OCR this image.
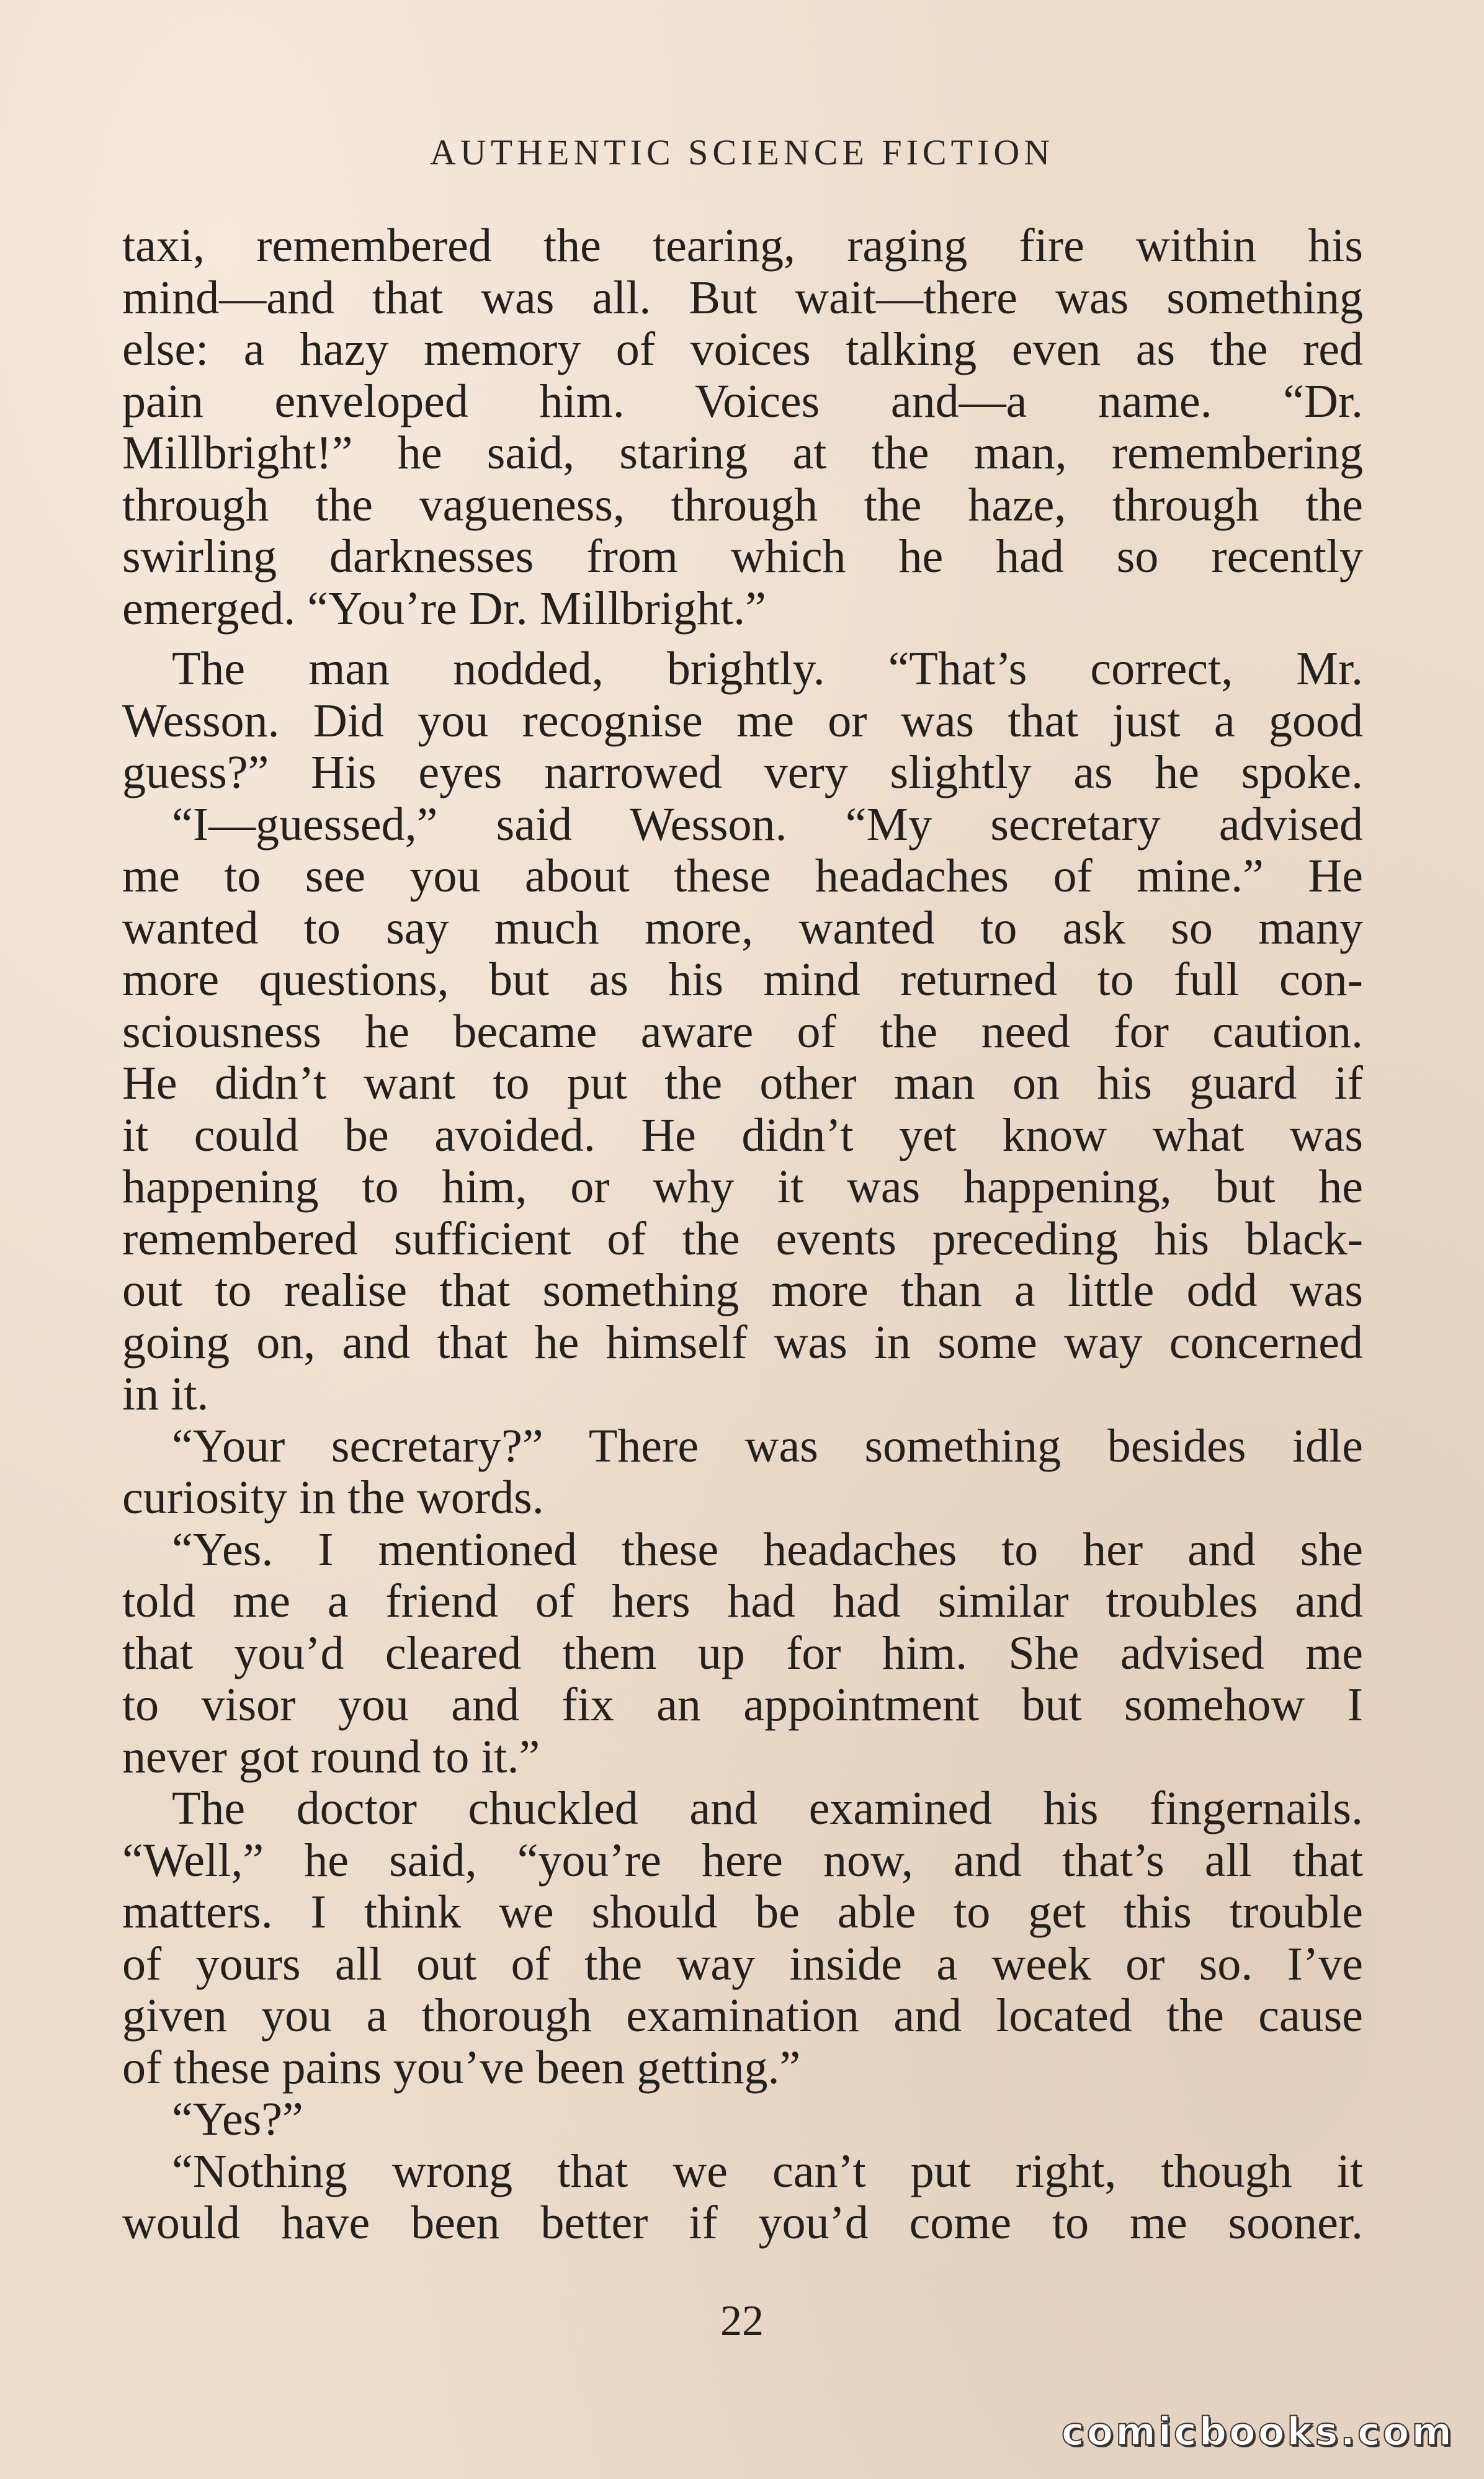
AUTHENTIC SCIENCE FICTION
taxi, remembered the tearing, raging fire within his
mind—and that was all. But wait—there was something
else: a hazy memory of voices talking even as the red
pain enveloped him. Voices and—a name. “Dr.
Millbright!” he said, staring at the man, remembering
through the vagueness, through the haze, through the
swirling darknesses from which he had so recently
emerged. “You’re Dr. Millbright.”
The man nodded, brightly. “That’s correct, Mr.
Wesson. Did you recognise me or was that just a good
guess?” His eyes narrowed very slightly as he spoke.
“I—guessed,” said Wesson. “My secretary advised
me to see you about these headaches of mine.” He
wanted to say much more, wanted to ask so many
more questions, but as his mind returned to full con-
sciousness he became aware of the need for caution.
He didn’t want to put the other man on his guard if
it could be avoided. He didn’t yet know what was
happening to him, or why it was happening, but he
remembered sufficient of the events preceding his black-
out to realise that something more than a little odd was
going on, and that he himself was in some way concerned
in it.
“Your secretary?” There was something besides idle
curiosity in the words.
“Yes. I mentioned these headaches to her and she
told me a friend of hers had had similar troubles and
that you’d cleared them up for him. She advised me
to visor you and fix an appointment but somehow I
never got round to it.”
The doctor chuckled and examined his fingernails.
“Well,” he said, “you’re here now, and that’s all that
matters. I think we should be able to get this trouble
of yours all out of the way inside a week or so. I’ve
given you a thorough examination and located the cause
of these pains you’ve been getting.”
“Yes?”
“Nothing wrong that we can’t put right, though it
would have been better if you’d come to me sooner.
22
comicbooks.com
